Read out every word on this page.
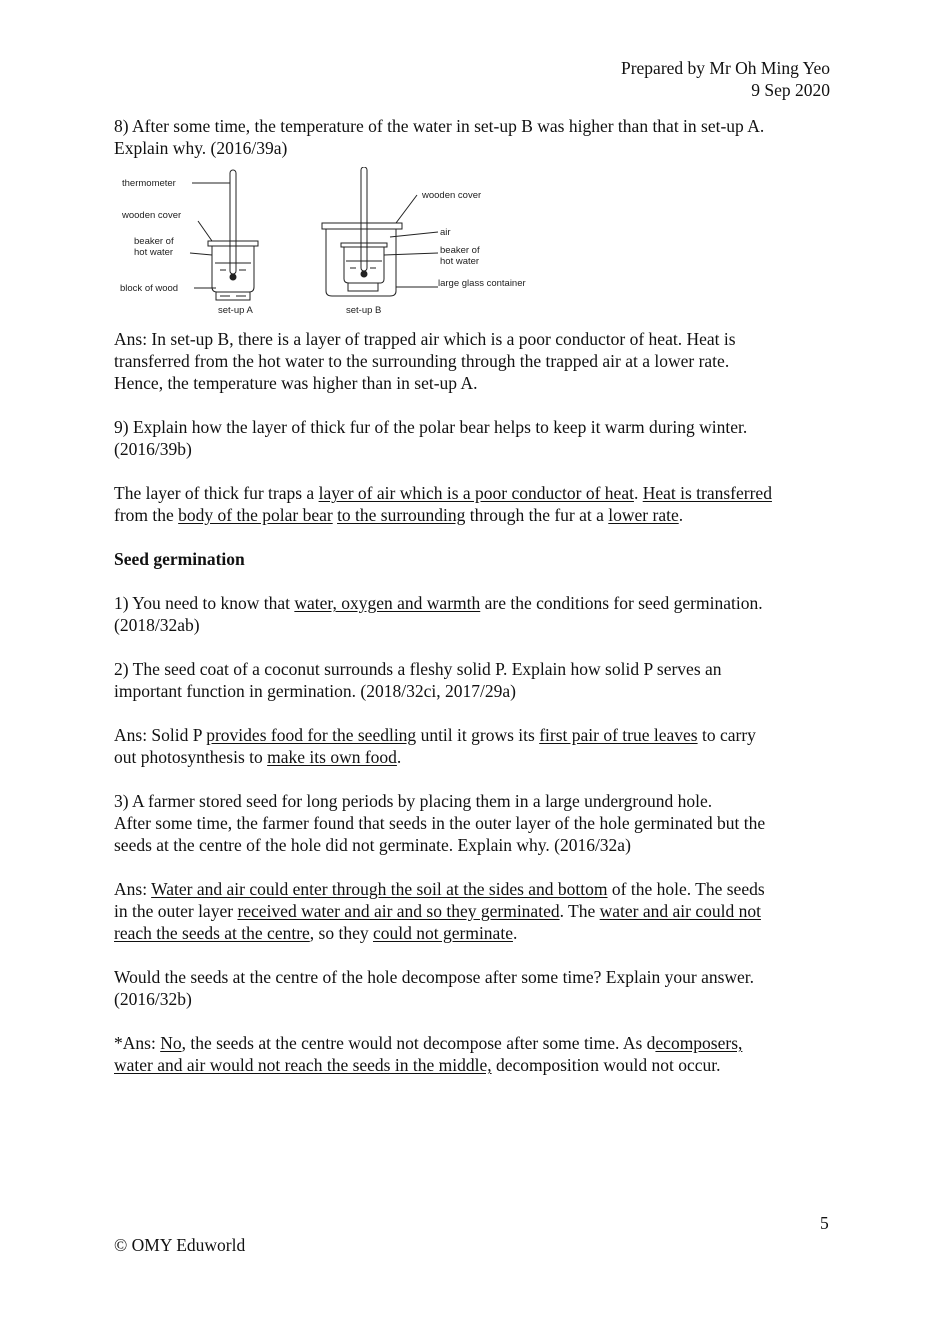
Prepared by Mr Oh Ming Yeo
9 Sep 2020

8) After some time, the temperature of the water in set-up B was higher than that in set-up A.

Explain why. (2016/39a)

thermometer
wooden cover
beaker of
hot water
block of wood
set-up A
wooden cover
air
beaker of
hot water
large glass container
set-up B

Ans: In set-up B, there is a layer of trapped air which is a poor conductor of heat. Heat is

transferred from the hot water to the surrounding through the trapped air at a lower rate.

Hence, the temperature was higher than in set-up A.

9) Explain how the layer of thick fur of the polar bear helps to keep it warm during winter.

(2016/39b)

The layer of thick fur traps a layer of air which is a poor conductor of heat. Heat is transferred

from the body of the polar bear to the surrounding through the fur at a lower rate.

Seed germination

1) You need to know that water, oxygen and warmth are the conditions for seed germination.

(2018/32ab)

2) The seed coat of a coconut surrounds a fleshy solid P. Explain how solid P serves an

important function in germination. (2018/32ci, 2017/29a)

Ans: Solid P provides food for the seedling until it grows its first pair of true leaves to carry

out photosynthesis to make its own food.

3) A farmer stored seed for long periods by placing them in a large underground hole.

After some time, the farmer found that seeds in the outer layer of the hole germinated but the

seeds at the centre of the hole did not germinate. Explain why. (2016/32a)

Ans: Water and air could enter through the soil at the sides and bottom of the hole. The seeds

in the outer layer received water and air and so they germinated. The water and air could not

reach the seeds at the centre, so they could not germinate.

Would the seeds at the centre of the hole decompose after some time? Explain your answer.

(2016/32b)

*Ans: No, the seeds at the centre would not decompose after some time. As decomposers,

water and air would not reach the seeds in the middle, decomposition would not occur.

5
© OMY Eduworld
